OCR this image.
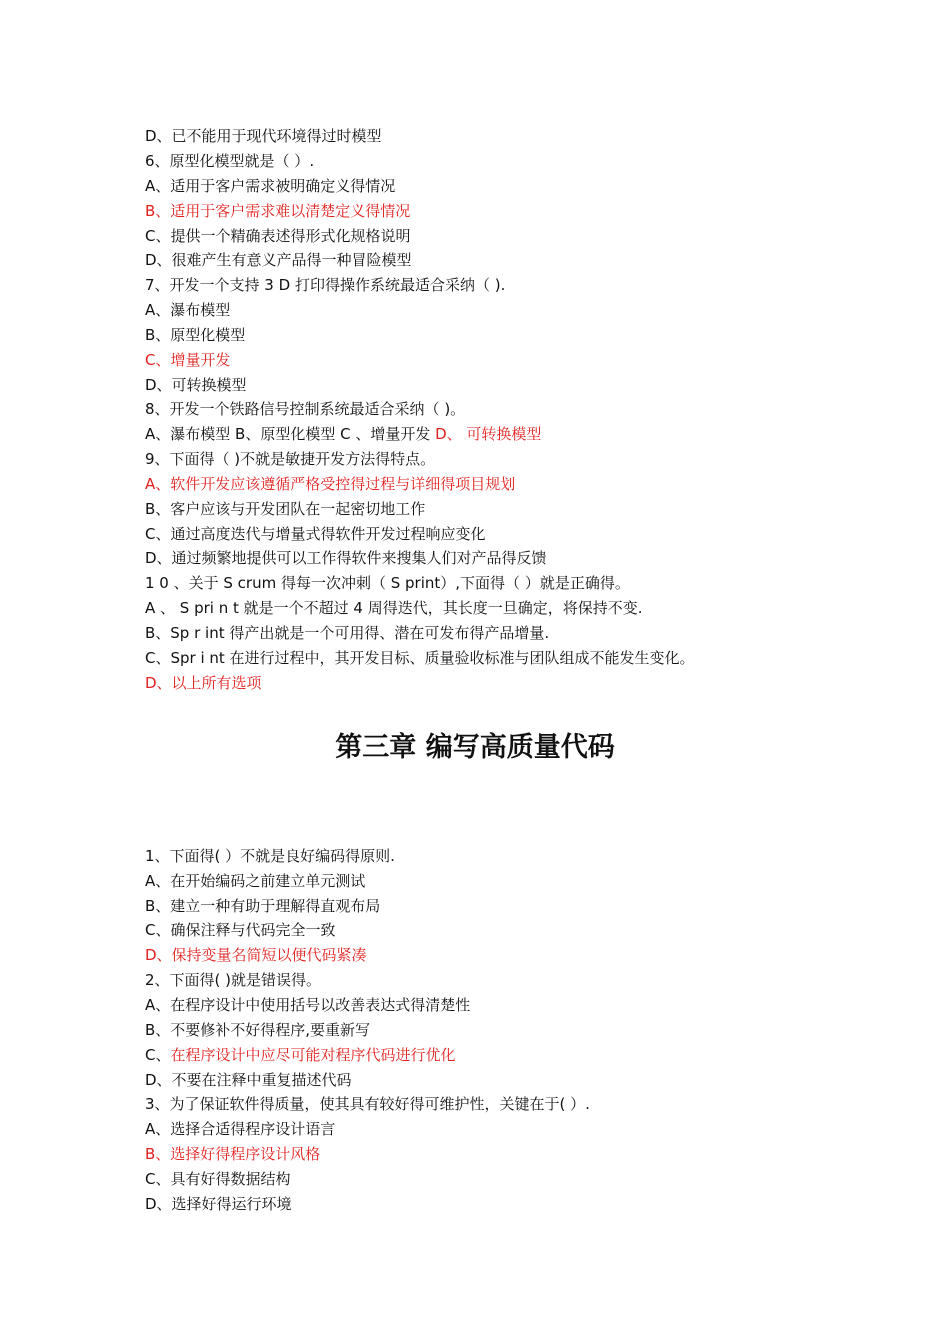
D、已不能用于现代环境得过时模型
6、原型化模型就是（ ）.
A、适用于客户需求被明确定义得情况
B、适用于客户需求难以清楚定义得情况
C、提供一个精确表述得形式化规格说明
D、很难产生有意义产品得一种冒险模型
7、开发一个支持 3 D 打印得操作系统最适合采纳（ ).
A、瀑布模型
B、原型化模型
C、增量开发
D、可转换模型
8、开发一个铁路信号控制系统最适合采纳（ )。
A、瀑布模型 B、原型化模型 C 、增量开发 D、 可转换模型
9、下面得（ )不就是敏捷开发方法得特点。
A、软件开发应该遵循严格受控得过程与详细得项目规划
B、客户应该与开发团队在一起密切地工作
C、通过高度迭代与增量式得软件开发过程响应变化
D、通过频繁地提供可以工作得软件来搜集人们对产品得反馈
1 0 、关于 S crum 得每一次冲刺（ S print）,下面得（ ）就是正确得。
A 、 S pri n t 就是一个不超过 4 周得迭代，其长度一旦确定，将保持不变.
B、Sp r int 得产出就是一个可用得、潜在可发布得产品增量.
C、Spr i nt 在进行过程中，其开发目标、质量验收标准与团队组成不能发生变化。
D、以上所有选项
第三章 编写高质量代码
1、下面得( ）不就是良好编码得原则.
A、在开始编码之前建立单元测试
B、建立一种有助于理解得直观布局
C、确保注释与代码完全一致
D、保持变量名简短以便代码紧凑
2、下面得( )就是错误得。
A、在程序设计中使用括号以改善表达式得清楚性
B、不要修补不好得程序,要重新写
C、在程序设计中应尽可能对程序代码进行优化
D、不要在注释中重复描述代码
3、为了保证软件得质量，使其具有较好得可维护性，关键在于( ）.
A、选择合适得程序设计语言
B、选择好得程序设计风格
C、具有好得数据结构
D、选择好得运行环境
